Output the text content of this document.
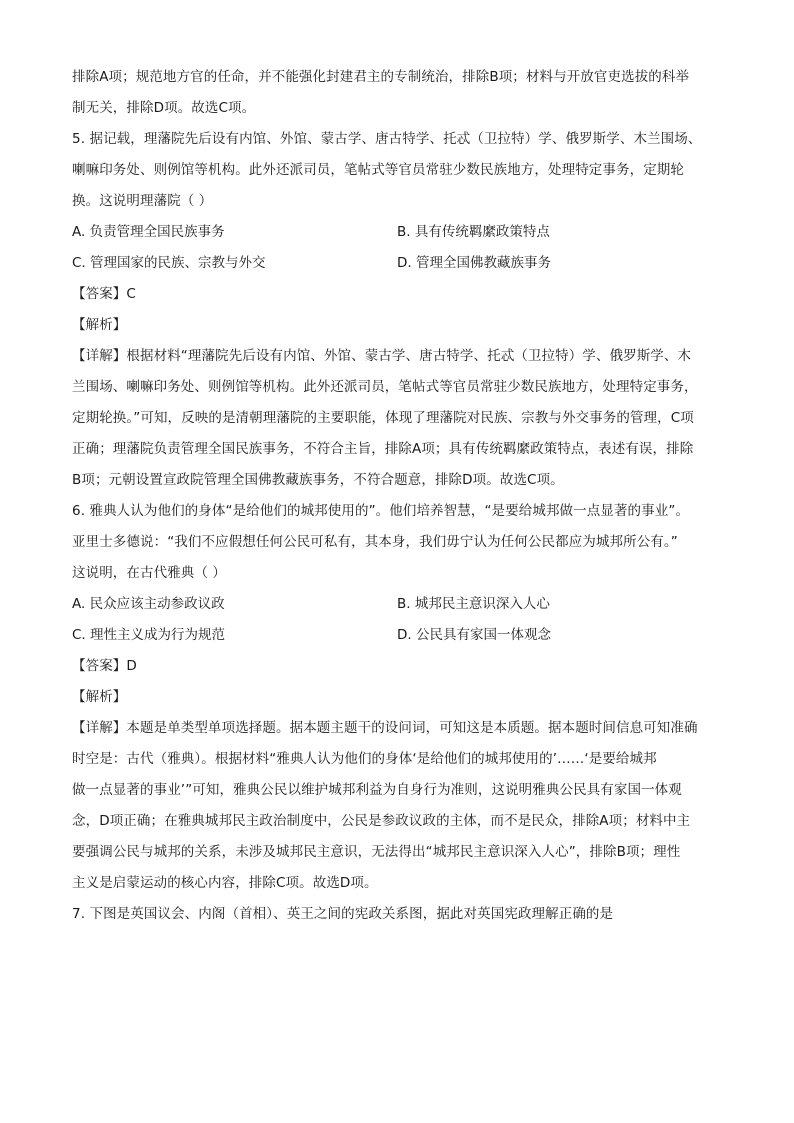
排除A项；规范地方官的任命，并不能强化封建君主的专制统治，排除B项；材料与开放官吏选拔的科举
制无关，排除D项。故选C项。
5. 据记载，理藩院先后设有内馆、外馆、蒙古学、唐古特学、托忒（卫拉特）学、俄罗斯学、木兰围场、
喇嘛印务处、则例馆等机构。此外还派司员，笔帖式等官员常驻少数民族地方，处理特定事务，定期轮
换。这说明理藩院（ ）
A. 负责管理全国民族事务	B. 具有传统羁縻政策特点
C. 管理国家的民族、宗教与外交	D. 管理全国佛教藏族事务
【答案】C
【解析】
【详解】根据材料“理藩院先后设有内馆、外馆、蒙古学、唐古特学、托忒（卫拉特）学、俄罗斯学、木
兰围场、喇嘛印务处、则例馆等机构。此外还派司员，笔帖式等官员常驻少数民族地方，处理特定事务，
定期轮换。”可知，反映的是清朝理藩院的主要职能，体现了理藩院对民族、宗教与外交事务的管理，C项
正确；理藩院负责管理全国民族事务，不符合主旨，排除A项；具有传统羁縻政策特点，表述有误，排除
B项；元朝设置宣政院管理全国佛教藏族事务，不符合题意，排除D项。故选C项。
6. 雅典人认为他们的身体“是给他们的城邦使用的”。他们培养智慧，“是要给城邦做一点显著的事业”。
亚里士多德说：“我们不应假想任何公民可私有，其本身，我们毋宁认为任何公民都应为城邦所公有。”
这说明，在古代雅典（ ）
A. 民众应该主动参政议政	B. 城邦民主意识深入人心
C. 理性主义成为行为规范	D. 公民具有家国一体观念
【答案】D
【解析】
【详解】本题是单类型单项选择题。据本题主题干的设问词，可知这是本质题。据本题时间信息可知准确
时空是：古代（雅典）。根据材料“雅典人认为他们的身体‘是给他们的城邦使用的’……‘是要给城邦
做一点显著的事业’”可知，雅典公民以维护城邦利益为自身行为准则，这说明雅典公民具有家国一体观
念，D项正确；在雅典城邦民主政治制度中，公民是参政议政的主体，而不是民众，排除A项；材料中主
要强调公民与城邦的关系，未涉及城邦民主意识，无法得出“城邦民主意识深入人心”，排除B项；理性
主义是启蒙运动的核心内容，排除C项。故选D项。
7. 下图是英国议会、内阁（首相）、英王之间的宪政关系图，据此对英国宪政理解正确的是
